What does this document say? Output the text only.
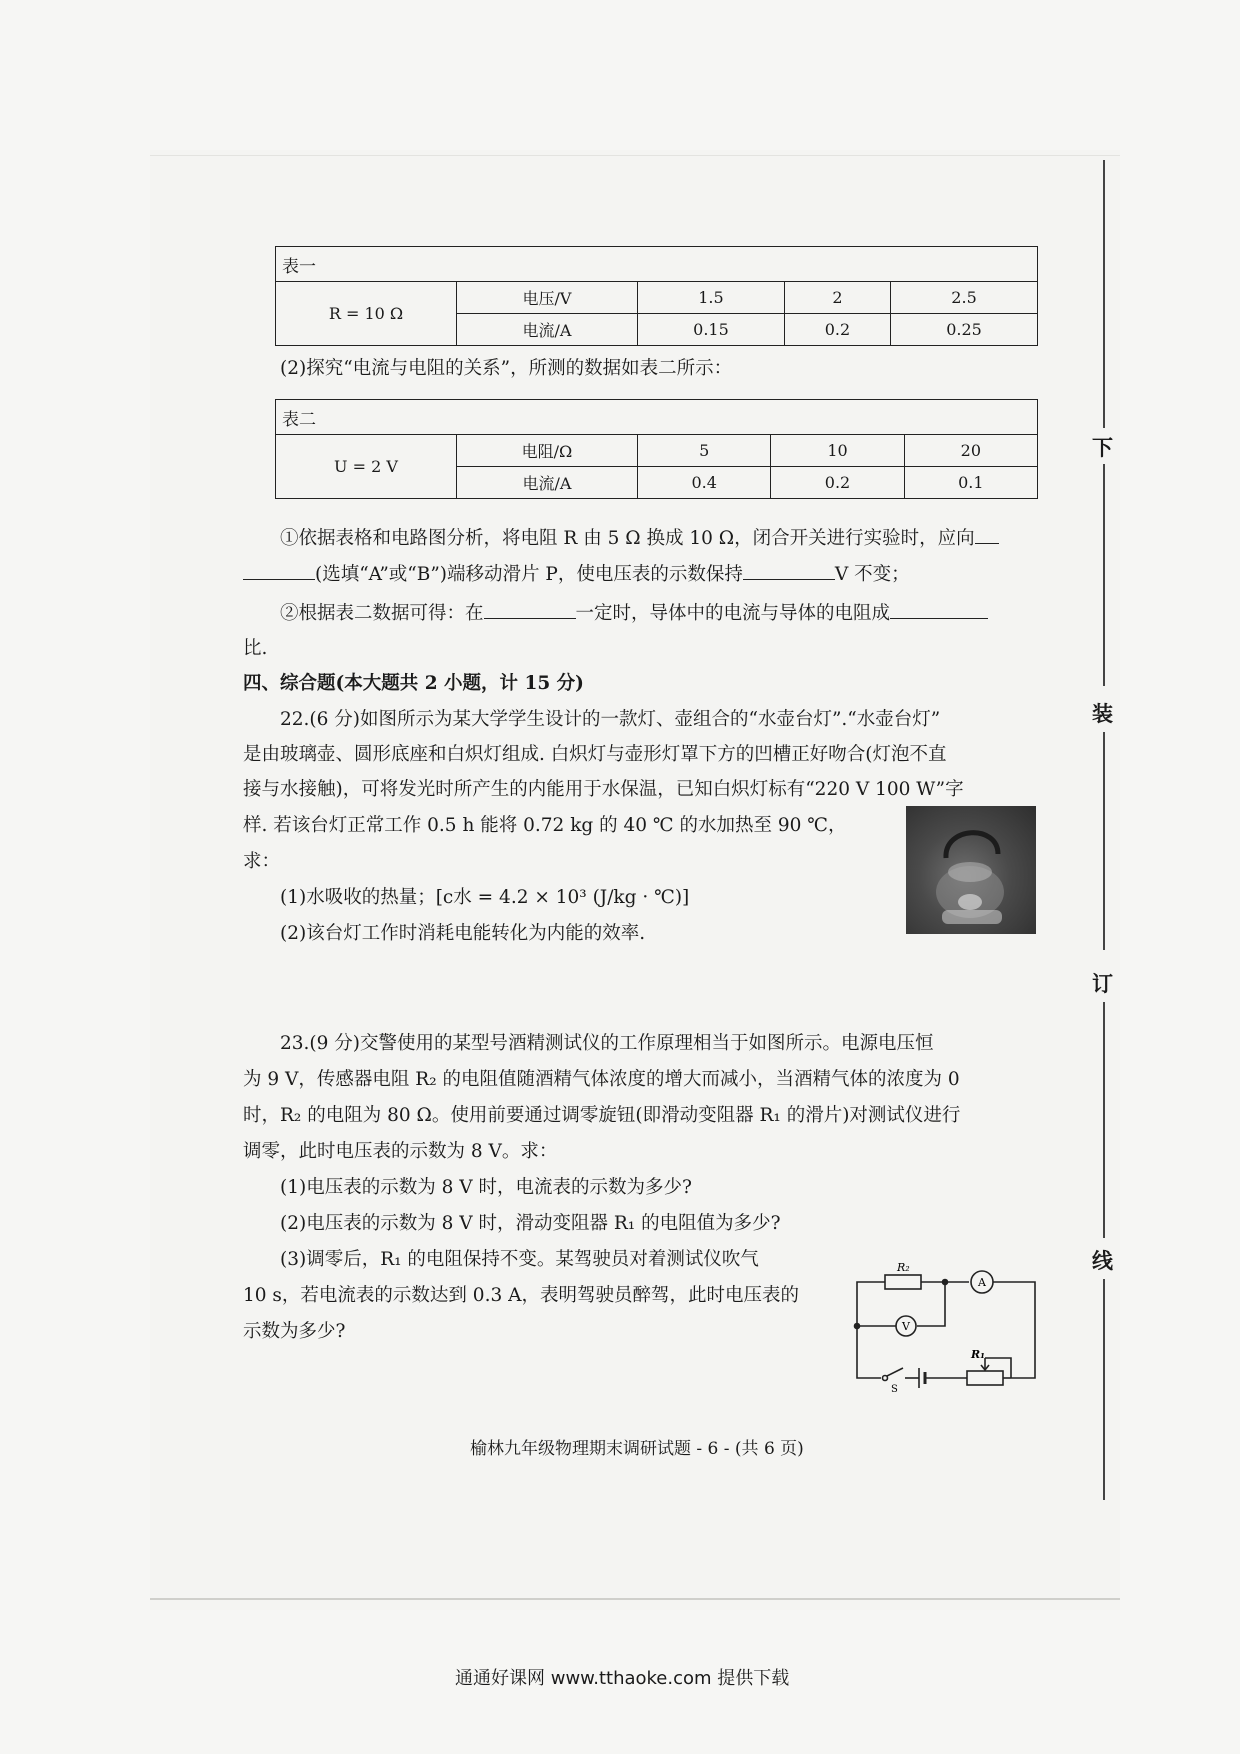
表一				
R = 10 Ω	电压/V	1.5	2	2.5
	电流/A	0.15	0.2	0.25
(2)探究“电流与电阻的关系”，所测的数据如表二所示：
表二				
U = 2 V	电阻/Ω	5	10	20
	电流/A	0.4	0.2	0.1
①依据表格和电路图分析，将电阻 R 由 5 Ω 换成 10 Ω，闭合开关进行实验时，应向
(选填“A”或“B”)端移动滑片 P，使电压表的示数保持	V 不变；
②根据表二数据可得：在	一定时，导体中的电流与导体的电阻成
比.
四、综合题(本大题共 2 小题，计 15 分)
22.(6 分)如图所示为某大学学生设计的一款灯、壶组合的“水壶台灯”.“水壶台灯”
是由玻璃壶、圆形底座和白炽灯组成. 白炽灯与壶形灯罩下方的凹槽正好吻合(灯泡不直
接与水接触)，可将发光时所产生的内能用于水保温，已知白炽灯标有“220 V 100 W”字
样. 若该台灯正常工作 0.5 h 能将 0.72 kg 的 40 ℃ 的水加热至 90 ℃，
求：
(1)水吸收的热量；[c水 = 4.2 × 10³ (J/kg · ℃)]
(2)该台灯工作时消耗电能转化为内能的效率.
23.(9 分)交警使用的某型号酒精测试仪的工作原理相当于如图所示。电源电压恒
为 9 V，传感器电阻 R₂ 的电阻值随酒精气体浓度的增大而减小，当酒精气体的浓度为 0
时，R₂ 的电阻为 80 Ω。使用前要通过调零旋钮(即滑动变阻器 R₁ 的滑片)对测试仪进行
调零，此时电压表的示数为 8 V。求：
(1)电压表的示数为 8 V 时，电流表的示数为多少?
(2)电压表的示数为 8 V 时，滑动变阻器 R₁ 的电阻值为多少?
(3)调零后，R₁ 的电阻保持不变。某驾驶员对着测试仪吹气
10 s，若电流表的示数达到 0.3 A，表明驾驶员醉驾，此时电压表的
示数为多少?
R₂
A
V
R₁
S
榆林九年级物理期末调研试题 - 6 - (共 6 页)
下
装
订
线
通通好课网 www.tthaoke.com 提供下载
